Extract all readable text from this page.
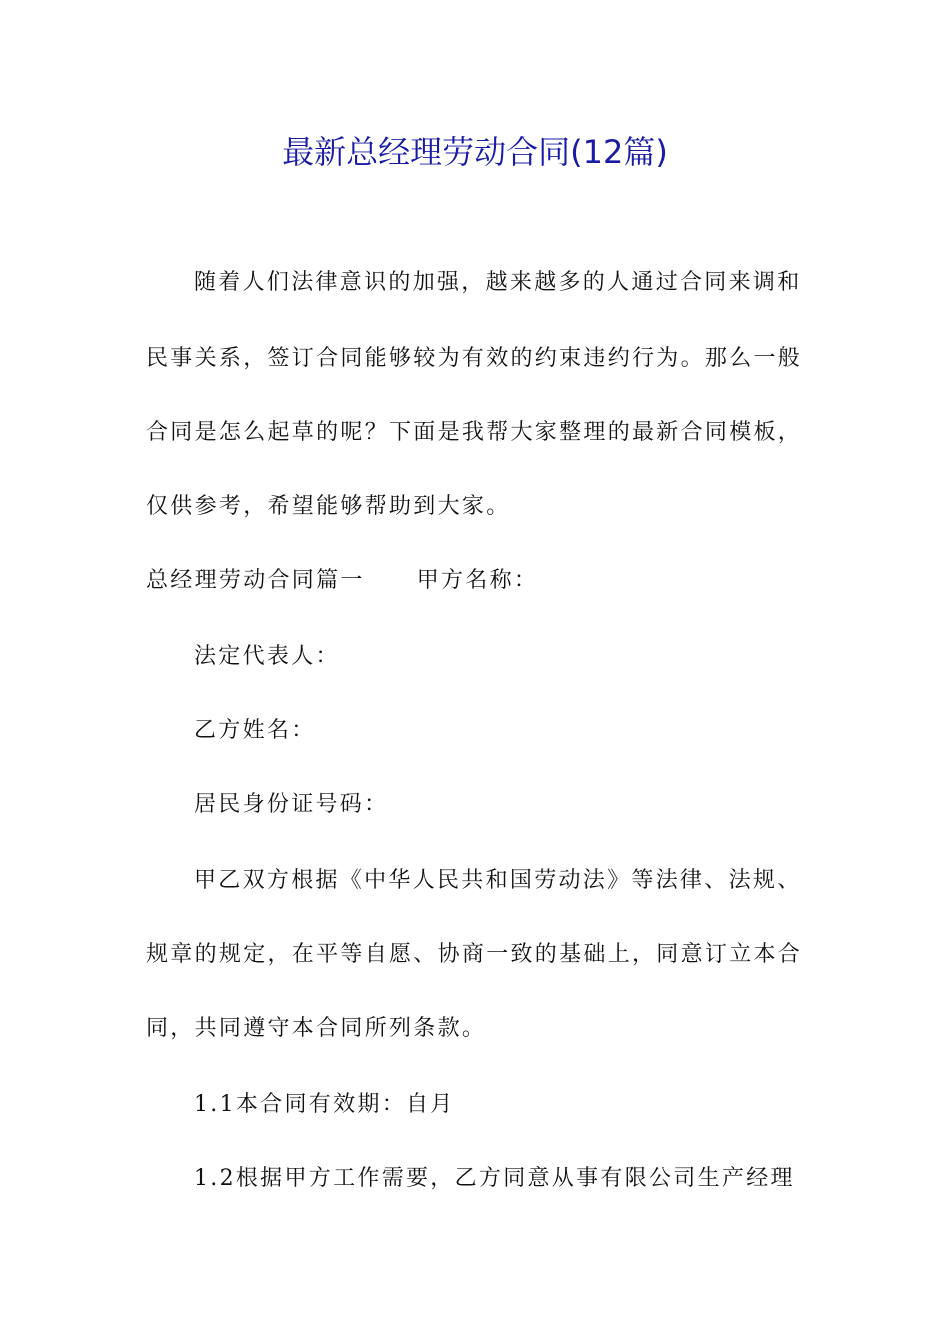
最新总经理劳动合同(12篇)
随着人们法律意识的加强，越来越多的人通过合同来调和
民事关系，签订合同能够较为有效的约束违约行为。那么一般
合同是怎么起草的呢？下面是我帮大家整理的最新合同模板，
仅供参考，希望能够帮助到大家。
总经理劳动合同篇一 甲方名称：
法定代表人：
乙方姓名：
居民身份证号码：
甲乙双方根据《中华人民共和国劳动法》等法律、法规、
规章的规定，在平等自愿、协商一致的基础上，同意订立本合
同，共同遵守本合同所列条款。
1.1本合同有效期：自月
1.2根据甲方工作需要，乙方同意从事有限公司生产经理
